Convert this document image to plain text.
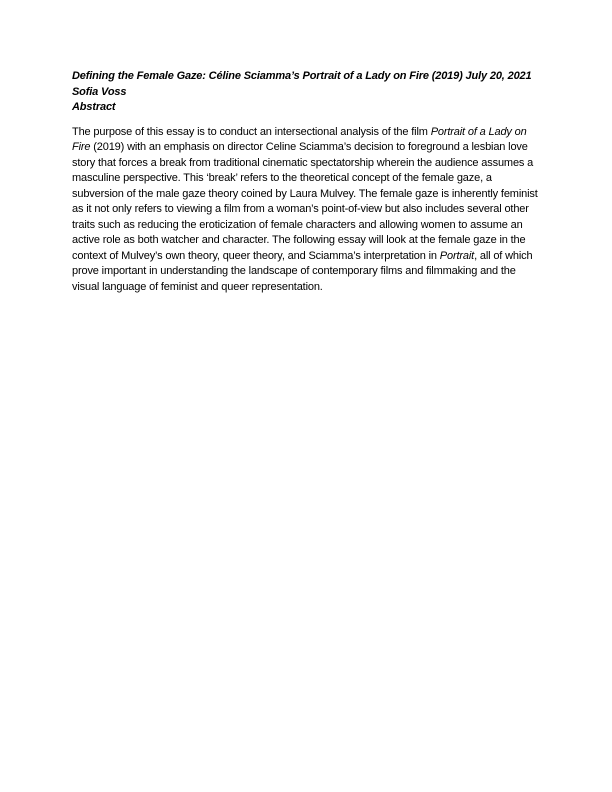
Defining the Female Gaze: Céline Sciamma’s Portrait of a Lady on Fire (2019) July 20, 2021
Sofia Voss
Abstract
The purpose of this essay is to conduct an intersectional analysis of the film Portrait of a Lady on Fire (2019) with an emphasis on director Celine Sciamma’s decision to foreground a lesbian love story that forces a break from traditional cinematic spectatorship wherein the audience assumes a masculine perspective. This ‘break’ refers to the theoretical concept of the female gaze, a subversion of the male gaze theory coined by Laura Mulvey. The female gaze is inherently feminist as it not only refers to viewing a film from a woman’s point-of-view but also includes several other traits such as reducing the eroticization of female characters and allowing women to assume an active role as both watcher and character. The following essay will look at the female gaze in the context of Mulvey’s own theory, queer theory, and Sciamma’s interpretation in Portrait, all of which prove important in understanding the landscape of contemporary films and filmmaking and the visual language of feminist and queer representation.
